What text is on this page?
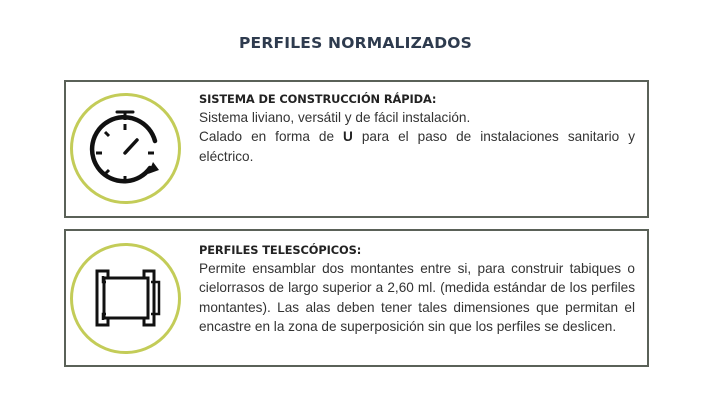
PERFILES NORMALIZADOS
SISTEMA DE CONSTRUCCIÓN RÁPIDA:
Sistema liviano, versátil y de fácil instalación.
Calado en forma de U para el paso de instalaciones sanitario y eléctrico.
PERFILES TELESCÓPICOS:
Permite ensamblar dos montantes entre si, para construir tabiques o cielorrasos de largo superior a 2,60 ml. (medida estándar de los perfiles montantes). Las alas deben tener tales dimensiones que permitan el encastre en la zona de superposición sin que los perfiles se deslicen.
